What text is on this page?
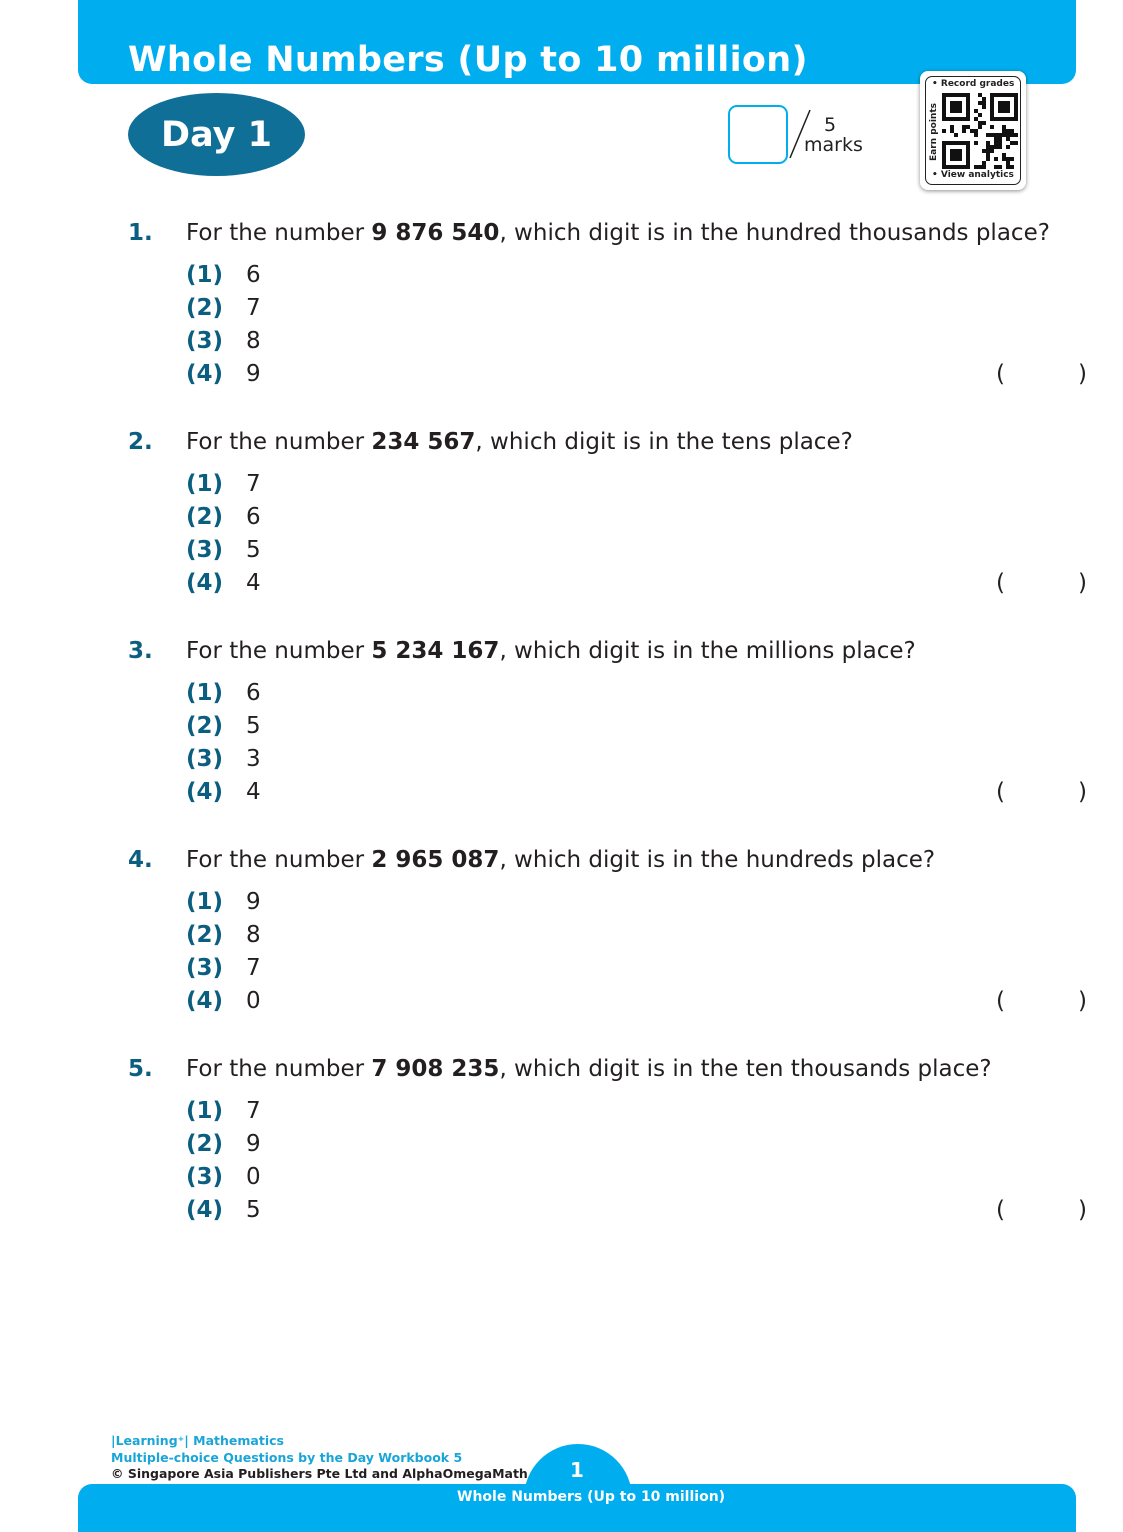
Whole Numbers (Up to 10 million)
Day 1	5
marks
• Record grades
Earn points
• View analytics
1. For the number 9 876 540, which digit is in the hundred thousands place?
(1) 6
(2) 7
(3) 8
(4) 9	(	)
2. For the number 234 567, which digit is in the tens place?
(1) 7
(2) 6
(3) 5
(4) 4	(	)
3. For the number 5 234 167, which digit is in the millions place?
(1) 6
(2) 5
(3) 3
(4) 4	(	)
4. For the number 2 965 087, which digit is in the hundreds place?
(1) 9
(2) 8
(3) 7
(4) 0	(	)
5. For the number 7 908 235, which digit is in the ten thousands place?
(1) 7
(2) 9
(3) 0
(4) 5	(	)
|Learning⁺| Mathematics
Multiple-choice Questions by the Day Workbook 5
© Singapore Asia Publishers Pte Ltd and AlphaOmegaMath	1
Whole Numbers (Up to 10 million)
